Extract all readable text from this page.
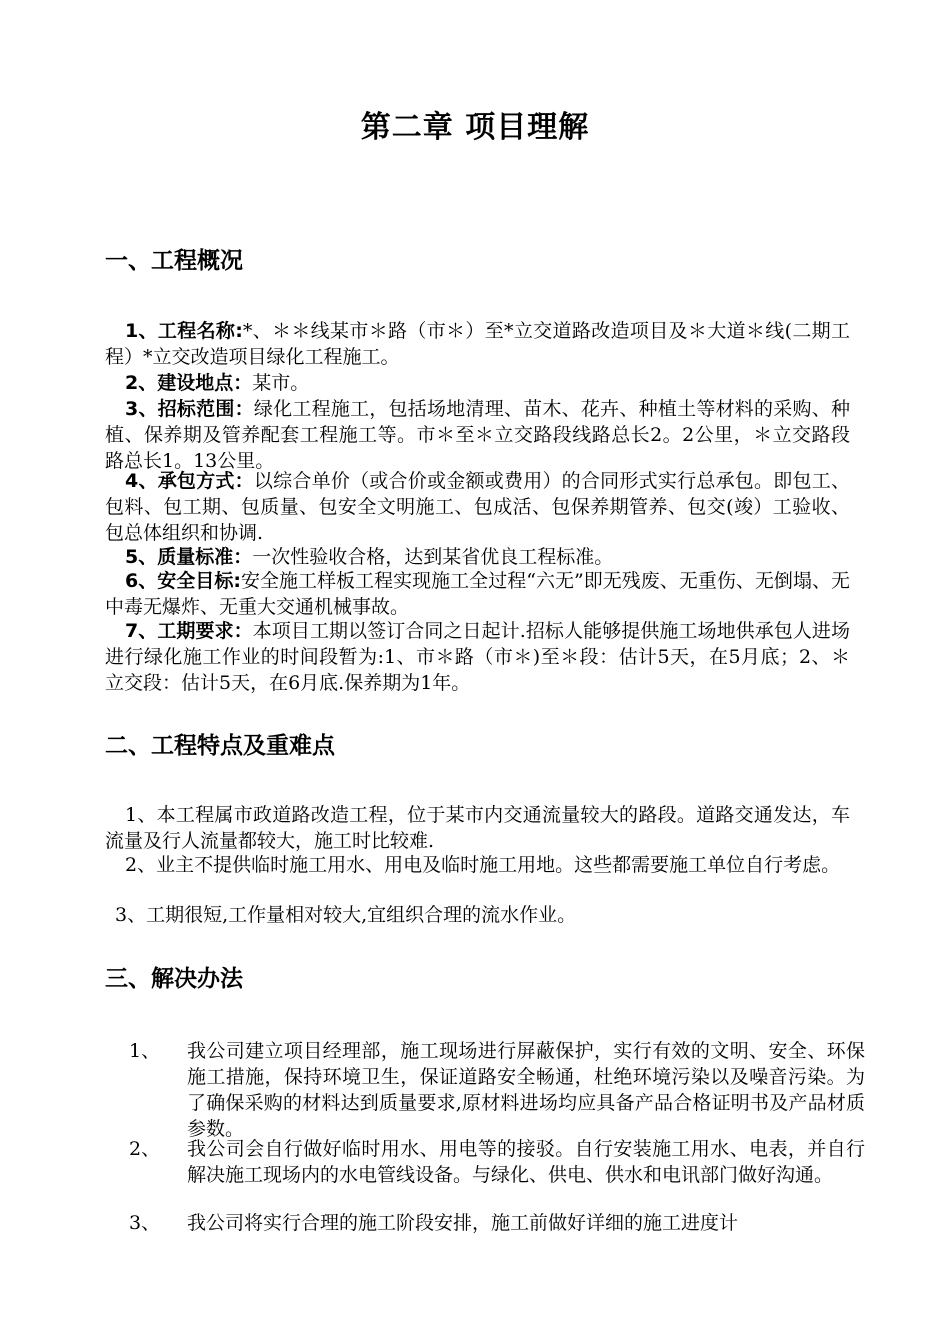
第二章 项目理解
一、工程概况
1、工程名称:*、＊＊线某市＊路（市＊）至*立交道路改造项目及＊大道＊线(二期工程）*立交改造项目绿化工程施工。
2、建设地点：某市。
3、招标范围：绿化工程施工，包括场地清理、苗木、花卉、种植土等材料的采购、种植、保养期及管养配套工程施工等。市＊至＊立交路段线路总长2。2公里，＊立交路段路总长1。13公里。
4、承包方式：以综合单价（或合价或金额或费用）的合同形式实行总承包。即包工、包料、包工期、包质量、包安全文明施工、包成活、包保养期管养、包交(竣）工验收、包总体组织和协调.
5、质量标准：一次性验收合格，达到某省优良工程标准。
6、安全目标:安全施工样板工程实现施工全过程“六无”即无残废、无重伤、无倒塌、无中毒无爆炸、无重大交通机械事故。
7、工期要求：本项目工期以签订合同之日起计.招标人能够提供施工场地供承包人进场进行绿化施工作业的时间段暂为:1、市＊路（市＊)至＊段：估计5天，在5月底；2、＊立交段：估计5天，在6月底.保养期为1年。
二、工程特点及重难点
1、本工程属市政道路改造工程，位于某市内交通流量较大的路段。道路交通发达，车流量及行人流量都较大，施工时比较难.
2、业主不提供临时施工用水、用电及临时施工用地。这些都需要施工单位自行考虑。
3、工期很短,工作量相对较大,宜组织合理的流水作业。
三、解决办法
1、 我公司建立项目经理部，施工现场进行屏蔽保护，实行有效的文明、安全、环保施工措施，保持环境卫生，保证道路安全畅通，杜绝环境污染以及噪音污染。为了确保采购的材料达到质量要求,原材料进场均应具备产品合格证明书及产品材质参数。
2、 我公司会自行做好临时用水、用电等的接驳。自行安装施工用水、电表，并自行解决施工现场内的水电管线设备。与绿化、供电、供水和电讯部门做好沟通。
3、 我公司将实行合理的施工阶段安排，施工前做好详细的施工进度计
